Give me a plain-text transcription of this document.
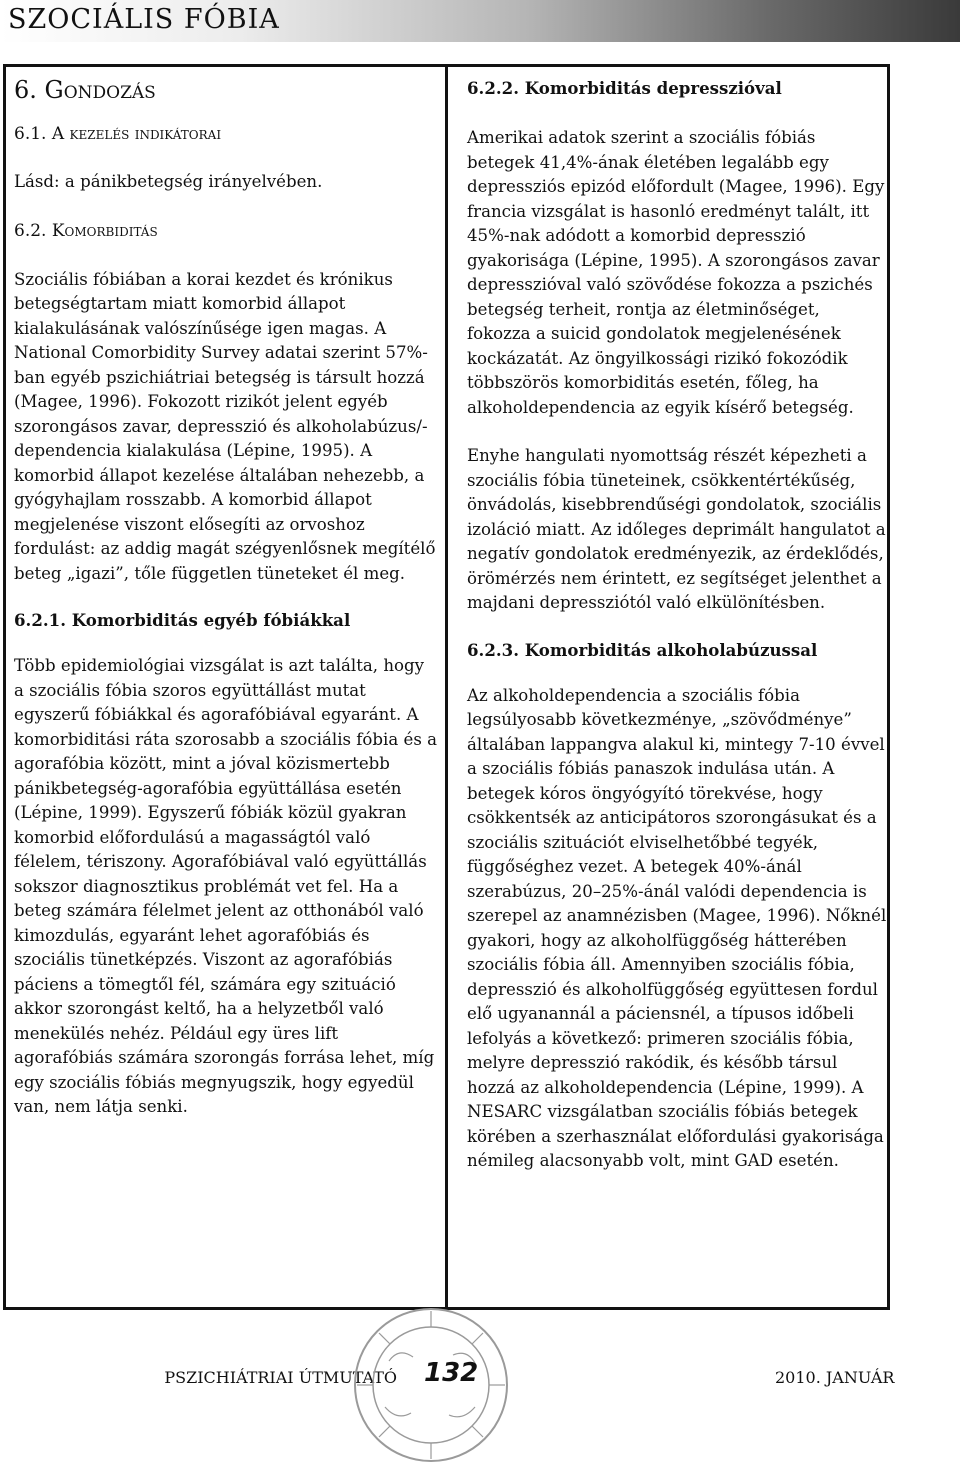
SZOCIÁLIS FÓBIA

6. Gondozás

6.1. A kezelés indikátorai

Lásd: a pánikbetegség irányelvében.

6.2. Komorbiditás

Szociális fóbiában a korai kezdet és krónikus betegségtartam miatt komorbid állapot kialakulásának valószínűsége igen magas. A National Comorbidity Survey adatai szerint 57%-ban egyéb pszichiátriai betegség is társult hozzá (Magee, 1996). Fokozott rizikót jelent egyéb szorongásos zavar, depresszió és alkoholabúzus/-dependencia kialakulása (Lépine, 1995). A komorbid állapot kezelése általában nehezebb, a gyógyhajlam rosszabb. A komorbid állapot megjelenése viszont elősegíti az orvoshoz fordulást: az addig magát szégyenlősnek megítélő beteg „igazi”, tőle független tüneteket él meg.

6.2.1. Komorbiditás egyéb fóbiákkal

Több epidemiológiai vizsgálat is azt találta, hogy a szociális fóbia szoros együttállást mutat egyszerű fóbiákkal és agorafóbiával egyaránt. A komorbiditási ráta szorosabb a szociális fóbia és a agorafóbia között, mint a jóval közismertebb pánikbetegség-agorafóbia együttállása esetén (Lépine, 1999). Egyszerű fóbiák közül gyakran komorbid előfordulású a magasságtól való félelem, tériszony. Agorafóbiával való együttállás sokszor diagnosztikus problémát vet fel. Ha a beteg számára félelmet jelent az otthonából való kimozdulás, egyaránt lehet agorafóbiás és szociális tünetképzés. Viszont az agorafóbiás páciens a tömegtől fél, számára egy szituáció akkor szorongást keltő, ha a helyzetből való menekülés nehéz. Például egy üres lift agorafóbiás számára szorongás forrása lehet, míg egy szociális fóbiás megnyugszik, hogy egyedül van, nem látja senki.

6.2.2. Komorbiditás depresszióval

Amerikai adatok szerint a szociális fóbiás betegek 41,4%-ának életében legalább egy depressziós epizód előfordult (Magee, 1996). Egy francia vizsgálat is hasonló eredményt talált, itt 45%-nak adódott a komorbid depresszió gyakorisága (Lépine, 1995). A szorongásos zavar depresszióval való szövődése fokozza a pszichés betegség terheit, rontja az életminőséget, fokozza a suicid gondolatok megjelenésének kockázatát. Az öngyilkossági rizikó fokozódik többszörös komorbiditás esetén, főleg, ha alkoholdependencia az egyik kísérő betegség.

Enyhe hangulati nyomottság részét képezheti a szociális fóbia tüneteinek, csökkentértékűség, önvádolás, kisebbrendűségi gondolatok, szociális izoláció miatt. Az időleges deprimált hangulatot a negatív gondolatok eredményezik, az érdeklődés, örömérzés nem érintett, ez segítséget jelenthet a majdani depressziótól való elkülönítésben.

6.2.3. Komorbiditás alkoholabúzussal

Az alkoholdependencia a szociális fóbia legsúlyosabb következménye, „szövődménye” általában lappangva alakul ki, mintegy 7-10 évvel a szociális fóbiás panaszok indulása után. A betegek kóros öngyógyító törekvése, hogy csökkentsék az anticipátoros szorongásukat és a szociális szituációt elviselhetőbbé tegyék, függőséghez vezet. A betegek 40%-ánál szerabúzus, 20–25%-ánál valódi dependencia is szerepel az anamnézisben (Magee, 1996). Nőknél gyakori, hogy az alkoholfüggőség hátterében szociális fóbia áll. Amennyiben szociális fóbia, depresszió és alkoholfüggőség együttesen fordul elő ugyanannál a páciensnél, a típusos időbeli lefolyás a következő: primeren szociális fóbia, melyre depresszió rakódik, és később társul hozzá az alkoholdependencia (Lépine, 1999). A NESARC vizsgálatban szociális fóbiás betegek körében a szerhasználat előfordulási gyakorisága némileg alacsonyabb volt, mint GAD esetén.

PSZICHIÁTRIAI ÚTMUTATÓ 132	2010. JANUÁR
